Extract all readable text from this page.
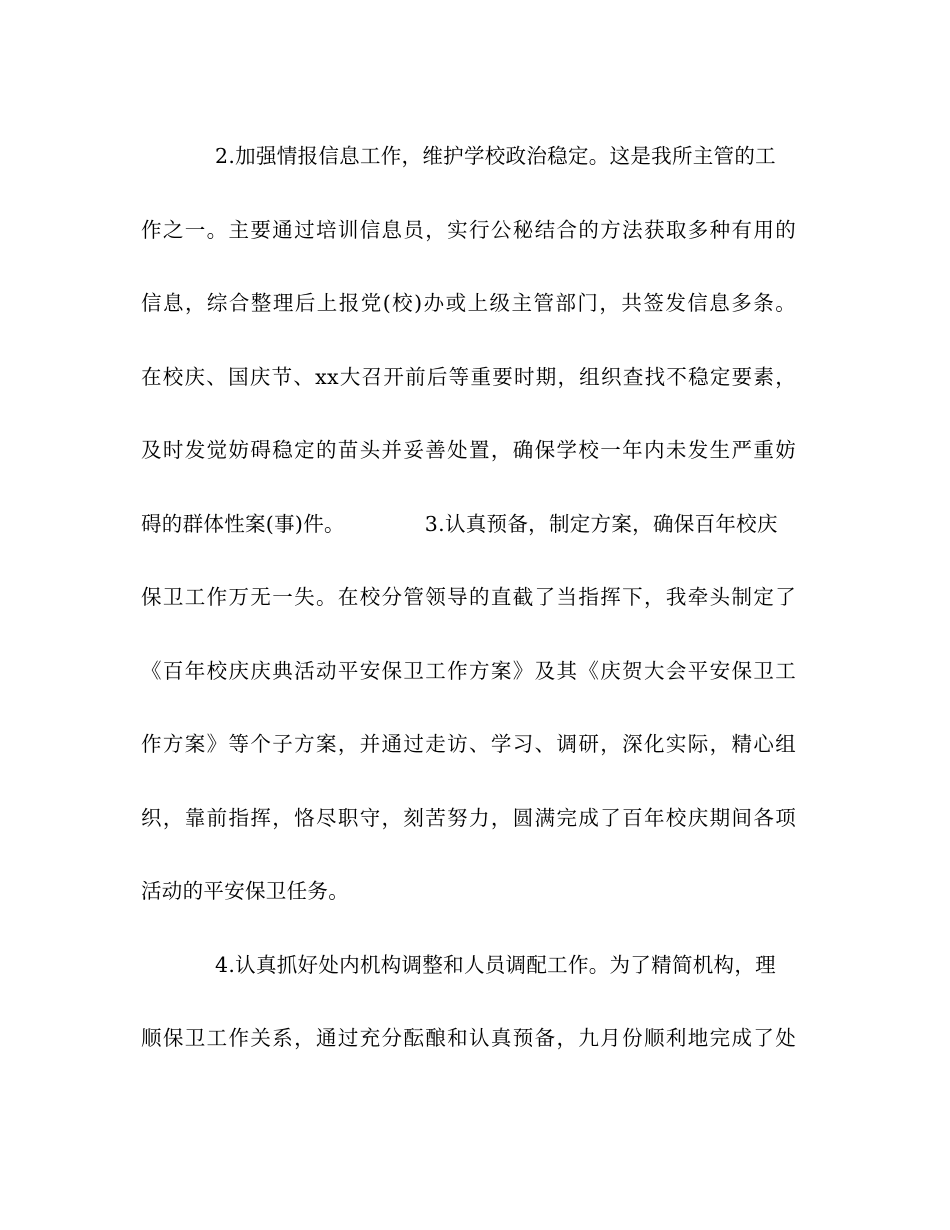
2.加强情报信息工作，维护学校政治稳定。这是我所主管的工
作之一。主要通过培训信息员，实行公秘结合的方法获取多种有用的
信息，综合整理后上报党(校)办或上级主管部门，共签发信息多条。
在校庆、国庆节、xx大召开前后等重要时期，组织查找不稳定要素，
及时发觉妨碍稳定的苗头并妥善处置，确保学校一年内未发生严重妨
碍的群体性案(事)件。	3.认真预备，制定方案，确保百年校庆
保卫工作万无一失。在校分管领导的直截了当指挥下，我牵头制定了
《百年校庆庆典活动平安保卫工作方案》及其《庆贺大会平安保卫工
作方案》等个子方案，并通过走访、学习、调研，深化实际，精心组
织，靠前指挥，恪尽职守，刻苦努力，圆满完成了百年校庆期间各项
活动的平安保卫任务。
4.认真抓好处内机构调整和人员调配工作。为了精简机构，理
顺保卫工作关系，通过充分酝酿和认真预备，九月份顺利地完成了处
